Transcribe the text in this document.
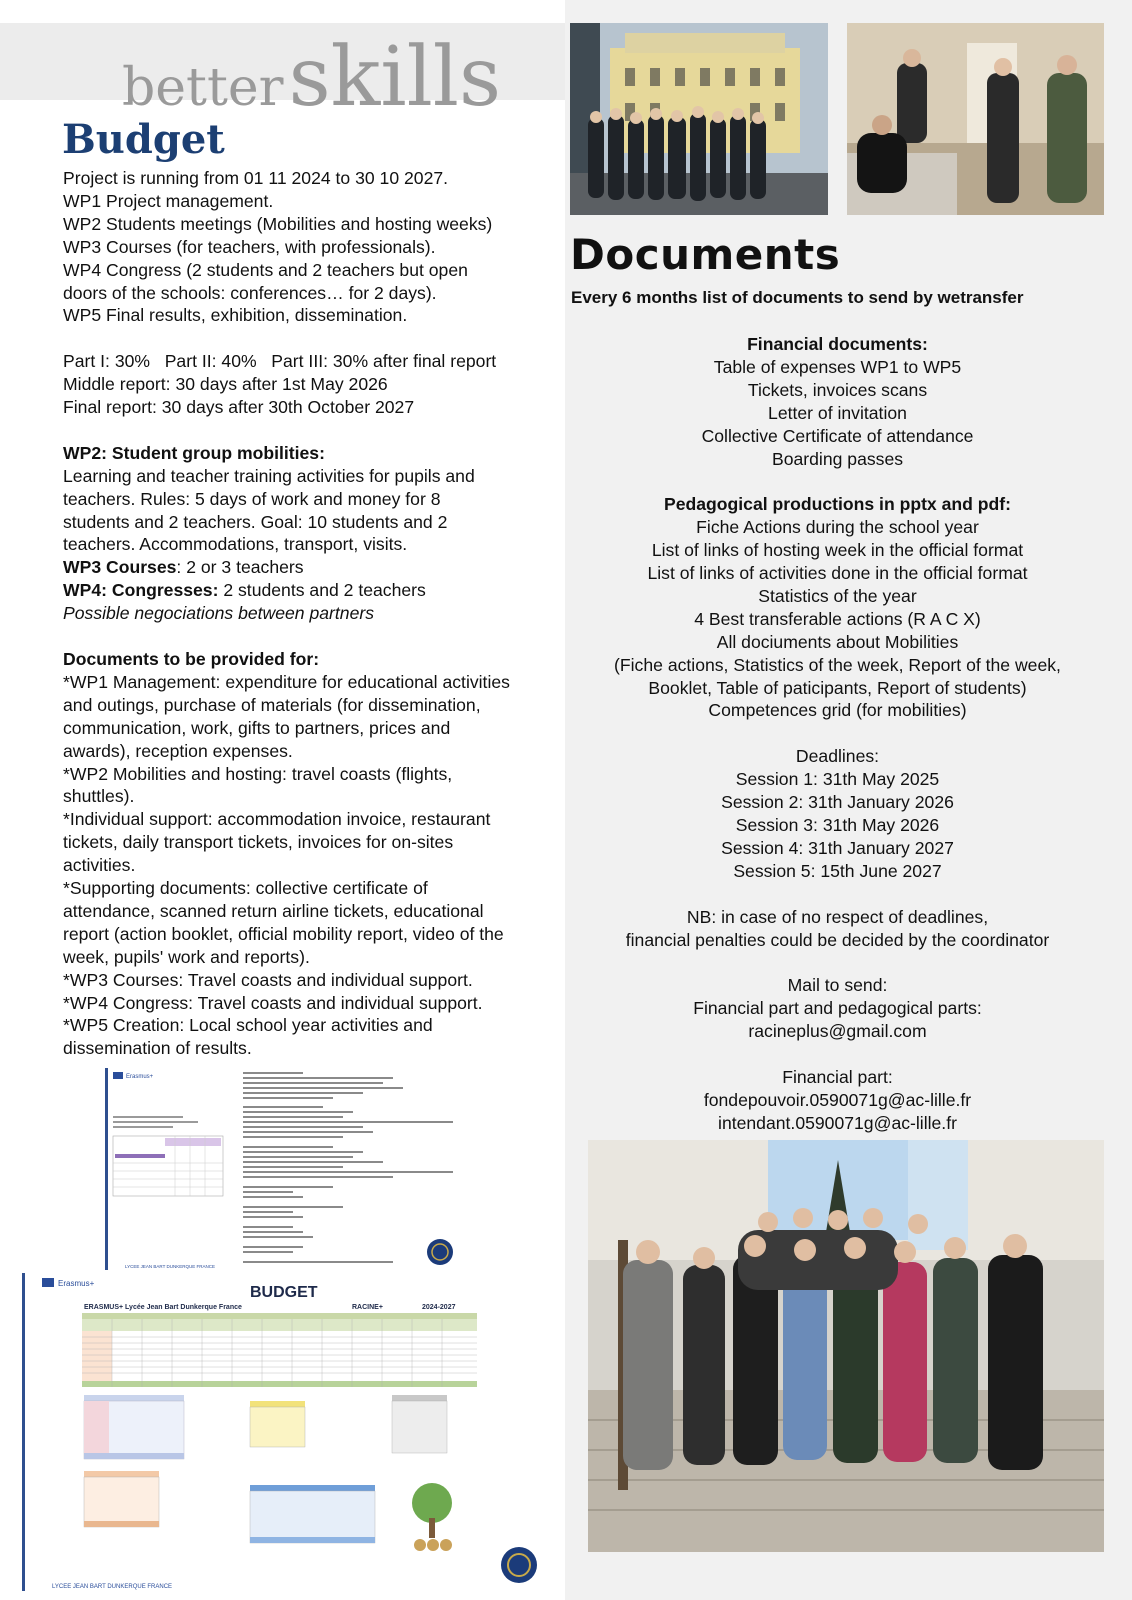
better skills
Budget

Project is running from 01 11 2024 to 30 10 2027.

WP1 Project management.

WP2 Students meetings (Mobilities and hosting weeks)

WP3 Courses (for teachers, with professionals).

WP4 Congress (2 students and 2 teachers but open

doors of the schools: conferences… for 2 days).

WP5 Final results, exhibition, dissemination.

Part I: 30%   Part II: 40%   Part III: 30% after final report

Middle report: 30 days after 1st May 2026

Final report: 30 days after 30th October 2027

WP2: Student group mobilities:

Learning and teacher training activities for pupils and

teachers. Rules: 5 days of work and money for 8

students and 2 teachers. Goal: 10 students and 2

teachers. Accommodations, transport, visits.

WP3 Courses: 2 or 3 teachers

WP4: Congresses: 2 students and 2 teachers

Possible negociations between partners

Documents to be provided for:

*WP1 Management: expenditure for educational activities

and outings, purchase of materials (for dissemination,

communication, work, gifts to partners, prices and

awards), reception expenses.

*WP2 Mobilities and hosting: travel coasts (flights,

shuttles).

*Individual support: accommodation invoice, restaurant

tickets, daily transport tickets, invoices for on-sites

activities.

*Supporting documents: collective certificate of

attendance, scanned return airline tickets, educational

report (action booklet, official mobility report, video of the

week, pupils' work and reports).

*WP3 Courses: Travel coasts and individual support.

*WP4 Congress: Travel coasts and individual support.

*WP5 Creation: Local school year activities and

dissemination of results.

Documents
Every 6 months list of documents to send by wetransfer

Financial documents:

Table of expenses WP1 to WP5

Tickets, invoices scans

Letter of invitation

Collective Certificate of attendance

Boarding passes

Pedagogical productions in pptx and pdf:

Fiche Actions during the school year

List of links of hosting week in the official format

List of links of activities done in the official format

Statistics of the year

4 Best transferable actions (R A C X)

All dociuments about Mobilities

(Fiche actions, Statistics of the week, Report of the week,

Booklet, Table of paticipants, Report of students)

Competences grid (for mobilities)

Deadlines:

Session 1: 31th May 2025

Session 2: 31th January 2026

Session 3: 31th May 2026

Session 4: 31th January 2027

Session 5: 15th June 2027

NB: in case of no respect of deadlines,

financial penalties could be decided by the coordinator

Mail to send:

Financial part and pedagogical parts:

racineplus@gmail.com

Financial part:

fondepouvoir.0590071g@ac-lille.fr

intendant.0590071g@ac-lille.fr

Erasmus+
LYCEE JEAN BART DUNKERQUE FRANCE
Erasmus+
BUDGET
ERASMUS+ Lycée Jean Bart Dunkerque France	RACINE+	2024-2027
LYCEE JEAN BART DUNKERQUE FRANCE
